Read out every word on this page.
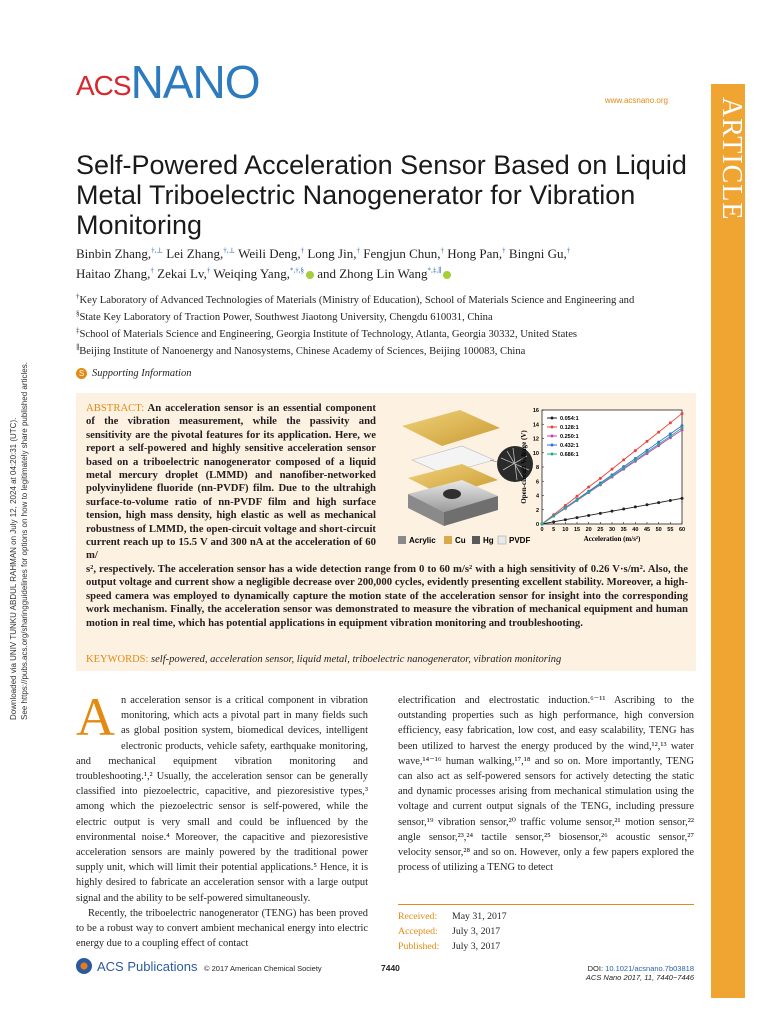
ACSNANO	www.acsnano.org ARTICLE
Downloaded via UNIV TUNKU ABDUL RAHMAN on July 12, 2024 at 04:20:31 (UTC). See https://pubs.acs.org/sharingguidelines for options on how to legitimately share published articles.
Self-Powered Acceleration Sensor Based on Liquid Metal Triboelectric Nanogenerator for Vibration Monitoring
Binbin Zhang,†,⊥ Lei Zhang,†,⊥ Weili Deng,† Long Jin,† Fengjun Chun,† Hong Pan,† Bingni Gu,†
Haitao Zhang,† Zekai Lv,† Weiqing Yang,*,†,§ and Zhong Lin Wang*,‡,∥
†Key Laboratory of Advanced Technologies of Materials (Ministry of Education), School of Materials Science and Engineering and
§State Key Laboratory of Traction Power, Southwest Jiaotong University, Chengdu 610031, China
‡School of Materials Science and Engineering, Georgia Institute of Technology, Atlanta, Georgia 30332, United States
∥Beijing Institute of Nanoenergy and Nanosystems, Chinese Academy of Sciences, Beijing 100083, China
S Supporting Information
ABSTRACT: An acceleration sensor is an essential component of the vibration measurement, while the passivity and sensitivity are the pivotal features for its application. Here, we report a self-powered and highly sensitive acceleration sensor based on a triboelectric nanogenerator composed of a liquid metal mercury droplet (LMMD) and nanofiber-networked polyvinylidene fluoride (nn-PVDF) film. Due to the ultrahigh surface-to-volume ratio of nn-PVDF film and high surface tension, high mass density, high elastic as well as mechanical robustness of LMMD, the open-circuit voltage and short-circuit current reach up to 15.5 V and 300 nA at the acceleration of 60 m/
s², respectively. The acceleration sensor has a wide detection range from 0 to 60 m/s² with a high sensitivity of 0.26 V·s/m². Also, the output voltage and current show a negligible decrease over 200,000 cycles, evidently presenting excellent stability. Moreover, a high-speed camera was employed to dynamically capture the motion state of the acceleration sensor for insight into the corresponding work mechanism. Finally, the acceleration sensor was demonstrated to measure the vibration of mechanical equipment and human motion in real time, which has potential applications in equipment vibration monitoring and troubleshooting.
KEYWORDS: self-powered, acceleration sensor, liquid metal, triboelectric nanogenerator, vibration monitoring
Acrylic Cu Hg PVDF
0 5 10 15 20 25 30 35 40 45 50 55 60
0
2
4
6
8
10
12
14
16
Acceleration (m/s²)
Open-circuit Voltage (V)
0.054:1
0.128:1
0.250:1
0.432:1
0.686:1

An acceleration sensor is a critical component in vibration monitoring, which acts a pivotal part in many fields such as global position system, biomedical devices, intelligent electronic products, vehicle safety, earthquake monitoring, and mechanical equipment vibration monitoring and troubleshooting.¹,² Usually, the acceleration sensor can be generally classified into piezoelectric, capacitive, and piezoresistive types,³ among which the piezoelectric sensor is self-powered, while the electric output is very small and could be influenced by the environmental noise.⁴ Moreover, the capacitive and piezoresistive acceleration sensors are mainly powered by the traditional power supply unit, which will limit their potential applications.⁵ Hence, it is highly desired to fabricate an acceleration sensor with a large output signal and the ability to be self-powered simultaneously.

Recently, the triboelectric nanogenerator (TENG) has been proved to be a robust way to convert ambient mechanical energy into electric energy due to a coupling effect of contact

electrification and electrostatic induction.⁶⁻¹¹ Ascribing to the outstanding properties such as high performance, high conversion efficiency, easy fabrication, low cost, and easy scalability, TENG has been utilized to harvest the energy produced by the wind,¹²,¹³ water wave,¹⁴⁻¹⁶ human walking,¹⁷,¹⁸ and so on. More importantly, TENG can also act as self-powered sensors for actively detecting the static and dynamic processes arising from mechanical stimulation using the voltage and current output signals of the TENG, including pressure sensor,¹⁹ vibration sensor,²⁰ traffic volume sensor,²¹ motion sensor,²² angle sensor,²³,²⁴ tactile sensor,²⁵ biosensor,²⁶ acoustic sensor,²⁷ velocity sensor,²⁸ and so on. However, only a few papers explored the process of utilizing a TENG to detect

Received: May 31, 2017
Accepted: July 3, 2017
Published: July 3, 2017
ACS Publications © 2017 American Chemical Society	7440	DOI: 10.1021/acsnano.7b03818
ACS Nano 2017, 11, 7440−7446
